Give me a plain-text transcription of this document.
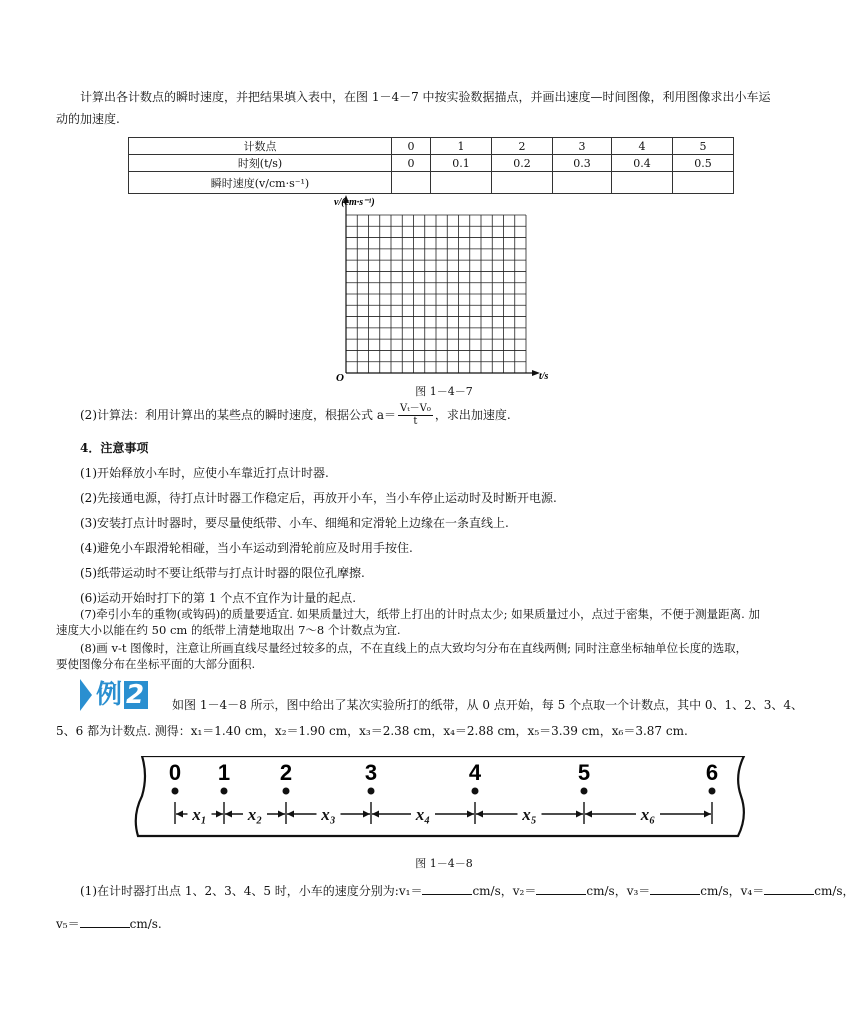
计算出各计数点的瞬时速度，并把结果填入表中，在图 1－4－7 中按实验数据描点，并画出速度—时间图像，利用图像求出小车运
动的加速度.
计数点	0	1	2	3	4	5
时刻(t/s)	0	0.1	0.2	0.3	0.4	0.5
瞬时速度(v/cm·s⁻¹)						
v/(cm·s⁻¹)
t/s
O
图 1－4－7
(2)计算法：利用计算出的某些点的瞬时速度，根据公式 $a= \frac{\text{Vₜ－V₀}}{t}$ ，求出加速度.
4．注意事项
(1)开始释放小车时，应使小车靠近打点计时器.
(2)先接通电源，待打点计时器工作稳定后，再放开小车，当小车停止运动时及时断开电源.
(3)安装打点计时器时，要尽量使纸带、小车、细绳和定滑轮上边缘在一条直线上.
(4)避免小车跟滑轮相碰，当小车运动到滑轮前应及时用手按住.
(5)纸带运动时不要让纸带与打点计时器的限位孔摩擦.
(6)运动开始时打下的第 1 个点不宜作为计量的起点.
(7)牵引小车的重物(或钩码)的质量要适宜. 如果质量过大，纸带上打出的计时点太少; 如果质量过小，点过于密集，不便于测量距离. 加
速度大小以能在约 50 cm 的纸带上清楚地取出 7～8 个计数点为宜.
(8)画 v-t 图像时，注意让所画直线尽量经过较多的点，不在直线上的点大致均匀分布在直线两侧; 同时注意坐标轴单位长度的选取，
要使图像分布在坐标平面的大部分面积.
例 2 如图 1－4－8 所示，图中给出了某次实验所打的纸带，从 0 点开始，每 5 个点取一个计数点，其中 0、1、2、3、4、
5、6 都为计数点. 测得：x₁＝1.40 cm，x₂＝1.90 cm，x₃＝2.38 cm，x₄＝2.88 cm，x₅＝3.39 cm，x₆＝3.87 cm.
0 1 2	3	4	5	6
x₁ x₂	x₃	x₄	x₅	x₆
图 1－4－8
(1)在计时器打出点 1、2、3、4、5 时，小车的速度分别为:v₁＝	cm/s，v₂＝	cm/s，v₃＝	cm/s，v₄＝	cm/s，
v₅＝	cm/s.
